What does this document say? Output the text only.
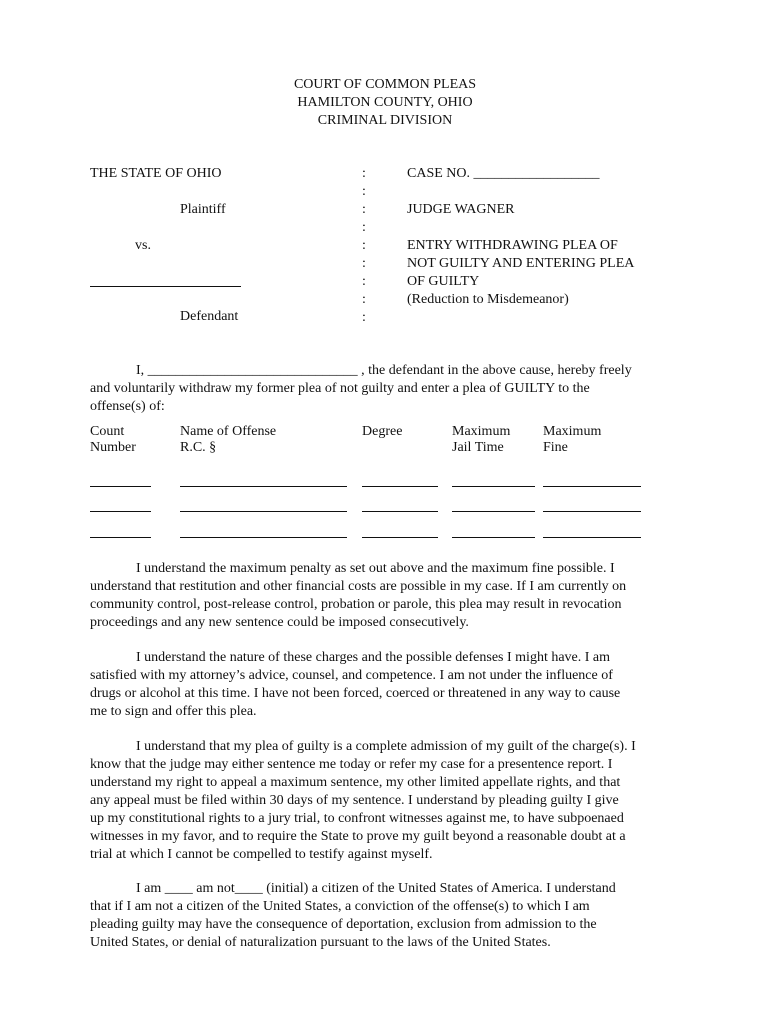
COURT OF COMMON PLEAS
HAMILTON COUNTY, OHIO
CRIMINAL DIVISION
THE STATE OF OHIO
Plaintiff
vs.
Defendant
:
:
:
:
:
:
:
:
:
CASE NO. __________________
JUDGE WAGNER
ENTRY WITHDRAWING PLEA OF
NOT GUILTY AND ENTERING PLEA
OF GUILTY
(Reduction to Misdemeanor)
I, ______________________________ , the defendant in the above cause, hereby freely
and voluntarily withdraw my former plea of not guilty and enter a plea of GUILTY to the
offense(s) of:
Count
Number
Name of Offense
R.C. §
Degree	Maximum
Jail Time
Maximum
Fine
I understand the maximum penalty as set out above and the maximum fine possible. I
understand that restitution and other financial costs are possible in my case. If I am currently on
community control, post-release control, probation or parole, this plea may result in revocation
proceedings and any new sentence could be imposed consecutively.
I understand the nature of these charges and the possible defenses I might have. I am
satisfied with my attorney’s advice, counsel, and competence. I am not under the influence of
drugs or alcohol at this time. I have not been forced, coerced or threatened in any way to cause
me to sign and offer this plea.
I understand that my plea of guilty is a complete admission of my guilt of the charge(s). I
know that the judge may either sentence me today or refer my case for a presentence report. I
understand my right to appeal a maximum sentence, my other limited appellate rights, and that
any appeal must be filed within 30 days of my sentence. I understand by pleading guilty I give
up my constitutional rights to a jury trial, to confront witnesses against me, to have subpoenaed
witnesses in my favor, and to require the State to prove my guilt beyond a reasonable doubt at a
trial at which I cannot be compelled to testify against myself.
I am ____ am not____ (initial) a citizen of the United States of America. I understand
that if I am not a citizen of the United States, a conviction of the offense(s) to which I am
pleading guilty may have the consequence of deportation, exclusion from admission to the
United States, or denial of naturalization pursuant to the laws of the United States.
